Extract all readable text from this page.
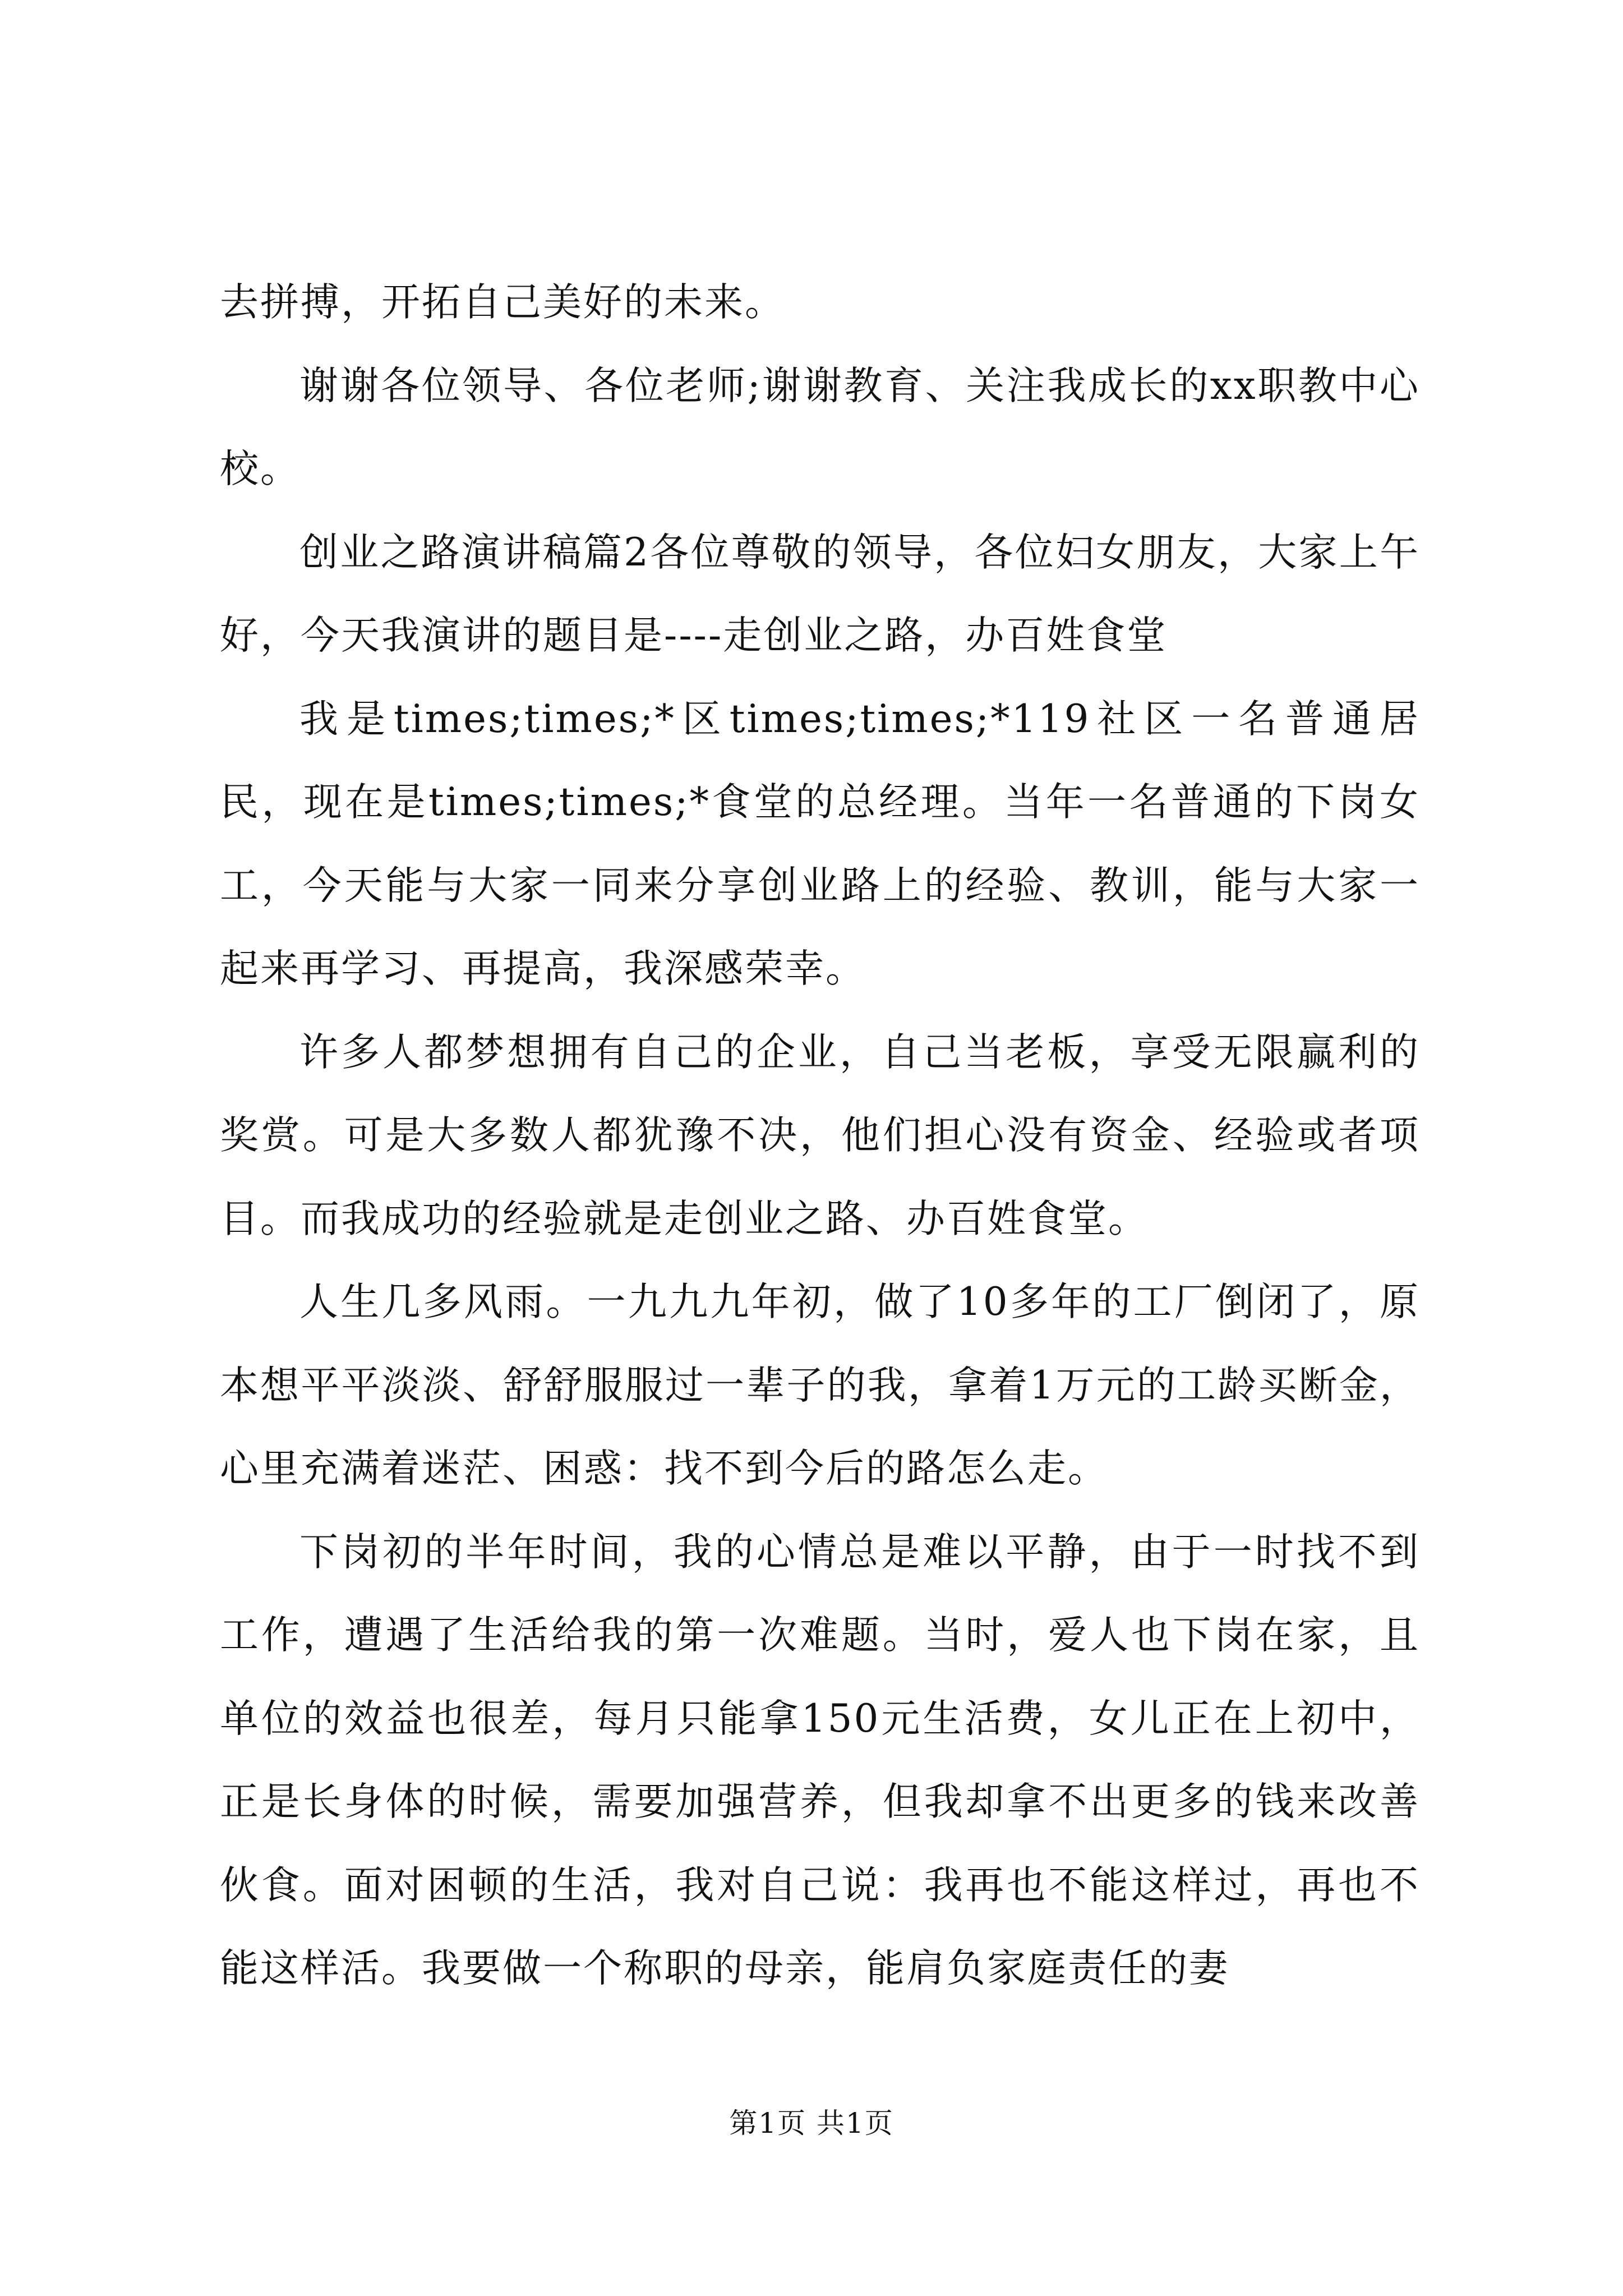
去拼搏，开拓自己美好的未来。

谢谢各位领导、各位老师;谢谢教育、关注我成长的xx职教中心校。

创业之路演讲稿篇2各位尊敬的领导，各位妇女朋友，大家上午好，今天我演讲的题目是----走创业之路，办百姓食堂

我是times;times;*区times;times;*119社区一名普通居民，现在是times;times;*食堂的总经理。当年一名普通的下岗女工，今天能与大家一同来分享创业路上的经验、教训，能与大家一起来再学习、再提高，我深感荣幸。

许多人都梦想拥有自己的企业，自己当老板，享受无限赢利的奖赏。可是大多数人都犹豫不决，他们担心没有资金、经验或者项目。而我成功的经验就是走创业之路、办百姓食堂。

人生几多风雨。一九九九年初，做了10多年的工厂倒闭了，原本想平平淡淡、舒舒服服过一辈子的我，拿着1万元的工龄买断金，心里充满着迷茫、困惑：找不到今后的路怎么走。

下岗初的半年时间，我的心情总是难以平静，由于一时找不到工作，遭遇了生活给我的第一次难题。当时，爱人也下岗在家，且单位的效益也很差，每月只能拿150元生活费，女儿正在上初中，正是长身体的时候，需要加强营养，但我却拿不出更多的钱来改善伙食。面对困顿的生活，我对自己说：我再也不能这样过，再也不能这样活。我要做一个称职的母亲，能肩负家庭责任的妻

第1页 共1页
